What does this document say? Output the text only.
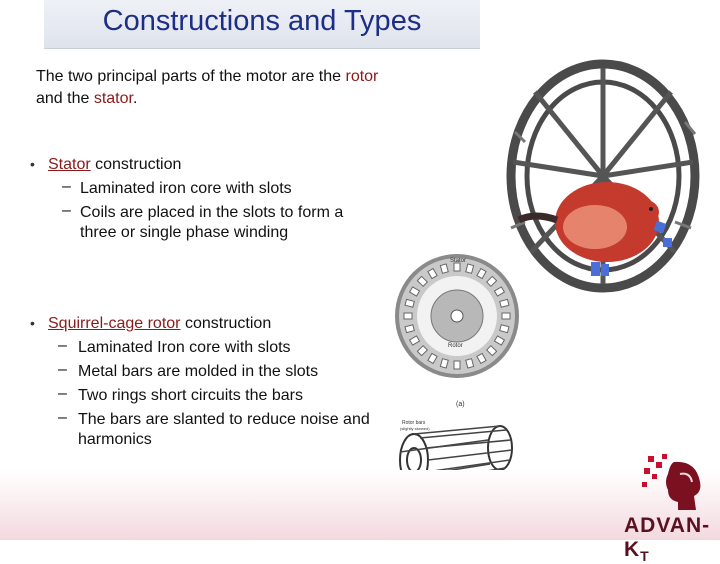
Constructions and Types
The two principal parts of the motor are the rotor
and the stator.
• Stator construction
– Laminated iron core with slots
– Coils are placed in the slots to form a
three or single phase winding
• Squirrel-cage rotor construction
– Laminated Iron core with slots
– Metal bars are molded in the slots
– Two rings short circuits the bars
– The bars are slanted to reduce noise and
harmonics
Stator
Rotor
(a)
Rotor bars
(slightly skewed)
ADVAN-$K_T$
